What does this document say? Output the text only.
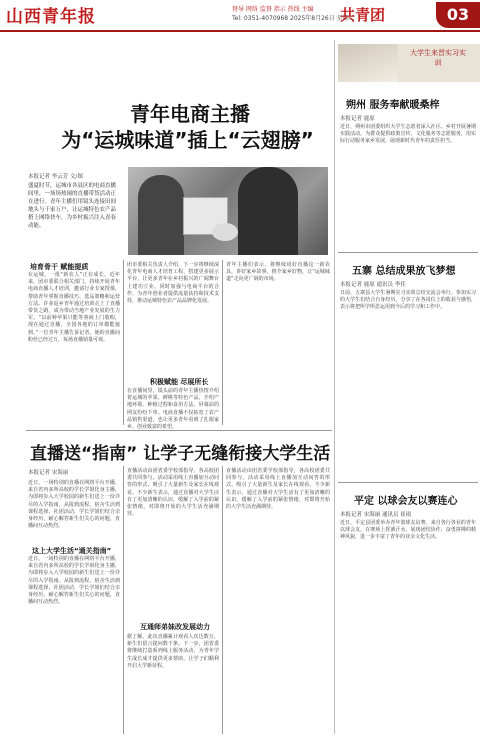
山西青年报	督导 网络 监督 指示 热线 主编
Tel: 0351-4070968 2025年8月26日 星期二
共青团	03
青年电商主播
为“运城味道”插上“云翅膀”
本报记者 李云芳 文/图
盛夏时节，运城市各县区的电商直播间里，一场场热闹的直播带货活动正在进行。青年主播们用镜头连接田间地头与千家万户，让运城特色农产品搭上网络快车，为乡村振兴注入青春动能。
培育骨干 赋能提质
在运城，一批“新农人”正在成长。近年来，团市委联合相关部门，持续开展青年电商直播人才培训，邀请行业专家授课，帮助青年掌握直播技巧、选品策略和运营方法。许多返乡青年通过培训走上了直播带货之路，成为带动当地产业发展的生力军。“以前种苹果只能等客商上门收购，现在通过直播，全国各地的订单都能接到。”一位青年主播告诉记者，她的直播间粉丝已经过万，每场直播销量可观。
团市委相关负责人介绍，下一步将继续深化青年电商人才培育工程，搭建更多展示平台，让更多青年在乡村振兴的广阔舞台上建功立业。同时加强与电商平台的合作，为青年创业者提供流量扶持和技术支持，推动运城特色农产品品牌化发展。
积极赋能 尽展所长
在直播间里，镜头前的青年主播热情介绍着运城的苹果、鲜桃等特色产品，介绍产地环境、种植过程和食用方法，屏幕前的网友纷纷下单。电商直播不仅拓宽了农产品销售渠道，也让更多青年看到了扎根家乡、创业致富的希望。
青年主播们表示，将继续用好直播这一新农具，讲好家乡故事，推介家乡好物，让“运城味道”走向更广阔的市场。
直播送“指南” 让学子无缝衔接大学生活
本报记者 宋海丽
近日，一场特别的直播在网络平台开播，来自省内多所高校的学长学姐化身主播，为即将步入大学校园的新生们送上一份详尽的入学指南。从报到流程、宿舍生活到课程选择、社团活动，学长学姐们结合亲身经历，耐心解答新生们关心的问题，直播间互动热烈。
这上大学生活“通关指南”
近日，一场特别的直播在网络平台开播，来自省内多所高校的学长学姐化身主播，为即将步入大学校园的新生们送上一份详尽的入学指南。从报到流程、宿舍生活到课程选择、社团活动，学长学姐们结合亲身经历，耐心解答新生们关心的问题，直播间互动热烈。
直播活动由团省委学校部指导，各高校团委共同参与。活动采用线上直播加互动问答的形式，吸引了大量新生及家长在线观看。不少新生表示，通过直播对大学生活有了更加清晰的认识，缓解了入学前的紧张情绪，对即将开始的大学生活充满期待。
互通师弟妹改发展动力
据了解，此次直播累计观看人次达数万，新生们留言提问数千条。下一步，团省委将继续打造系列线上服务活动，为青年学生成长成才提供更多帮助，让学子们顺利开启大学新征程。
直播活动由团省委学校部指导，各高校团委共同参与。活动采用线上直播加互动问答的形式，吸引了大量新生及家长在线观看。不少新生表示，通过直播对大学生活有了更加清晰的认识，缓解了入学前的紧张情绪，对即将开始的大学生活充满期待。
大学生来晋实习实训
朔州 服务奉献暖桑梓
本报记者 鹿原
近日，朔州市团委组织大学生志愿者深入社区、乡村开展暑期实践活动，为群众提供政策宣传、文化服务等志愿服务，用实际行动服务家乡发展，展现新时代青年的责任担当。
五寨 总结成果放飞梦想
本报记者 鹿原 通讯员 李佳
日前，五寨县大学生暑期实习实训总结交流会举行。参加实习的大学生们结合自身经历，分享了在各岗位上的收获与感悟，表示将把所学所思运用到今后的学习和工作中。
平定 以球会友以赛连心
本报记者 宋海丽 通讯员 崔雨
近日，平定县团委举办青年篮球友谊赛，来自各行各业的青年以球会友，在赛场上挥洒汗水，展现团结协作、奋勇拼搏的精神风貌，进一步丰富了青年的业余文化生活。
